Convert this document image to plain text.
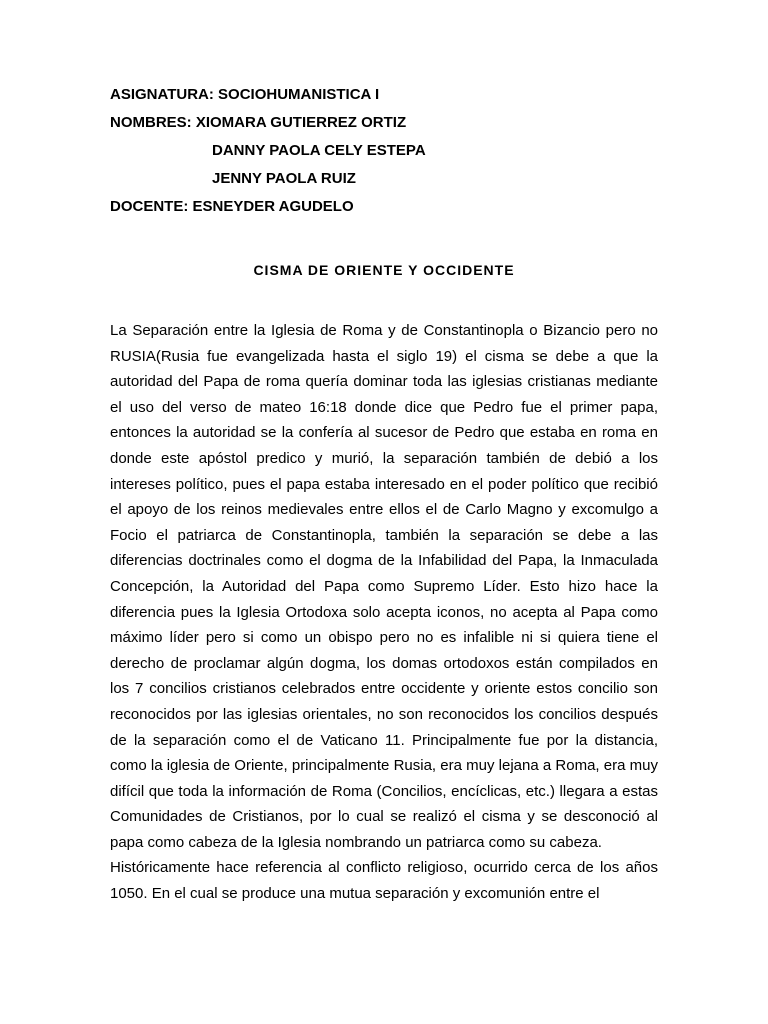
ASIGNATURA: SOCIOHUMANISTICA I
NOMBRES: XIOMARA GUTIERREZ ORTIZ
DANNY PAOLA CELY ESTEPA
JENNY PAOLA RUIZ
DOCENTE: ESNEYDER AGUDELO
CISMA DE ORIENTE Y OCCIDENTE

La Separación entre la Iglesia de Roma y de Constantinopla o Bizancio pero no RUSIA(Rusia fue evangelizada hasta el siglo 19) el cisma se debe a que la autoridad del Papa de roma quería dominar toda las iglesias cristianas mediante el uso del verso de mateo 16:18 donde dice que Pedro fue el primer papa, entonces la autoridad se la confería al sucesor de Pedro que estaba en roma en donde este apóstol predico y murió, la separación también de debió a los intereses político, pues el papa estaba interesado en el poder político que recibió el apoyo de los reinos medievales entre ellos el de Carlo Magno y excomulgo a Focio el patriarca de Constantinopla, también la separación se debe a las diferencias doctrinales como el dogma de la Infabilidad del Papa, la Inmaculada Concepción, la Autoridad del Papa como Supremo Líder. Esto hizo hace la diferencia pues la Iglesia Ortodoxa solo acepta iconos, no acepta al Papa como máximo líder pero si como un obispo pero no es infalible ni si quiera tiene el derecho de proclamar algún dogma, los domas ortodoxos están compilados en los 7 concilios cristianos celebrados entre occidente y oriente estos concilio son reconocidos por las iglesias orientales, no son reconocidos los concilios después de la separación como el de Vaticano 11. Principalmente fue por la distancia, como la iglesia de Oriente, principalmente Rusia, era muy lejana a Roma, era muy difícil que toda la información de Roma (Concilios, encíclicas, etc.) llegara a estas Comunidades de Cristianos, por lo cual se realizó el cisma y se desconoció al papa como cabeza de la Iglesia nombrando un patriarca como su cabeza.

Históricamente hace referencia al conflicto religioso, ocurrido cerca de los años 1050. En el cual se produce una mutua separación y excomunión entre el
